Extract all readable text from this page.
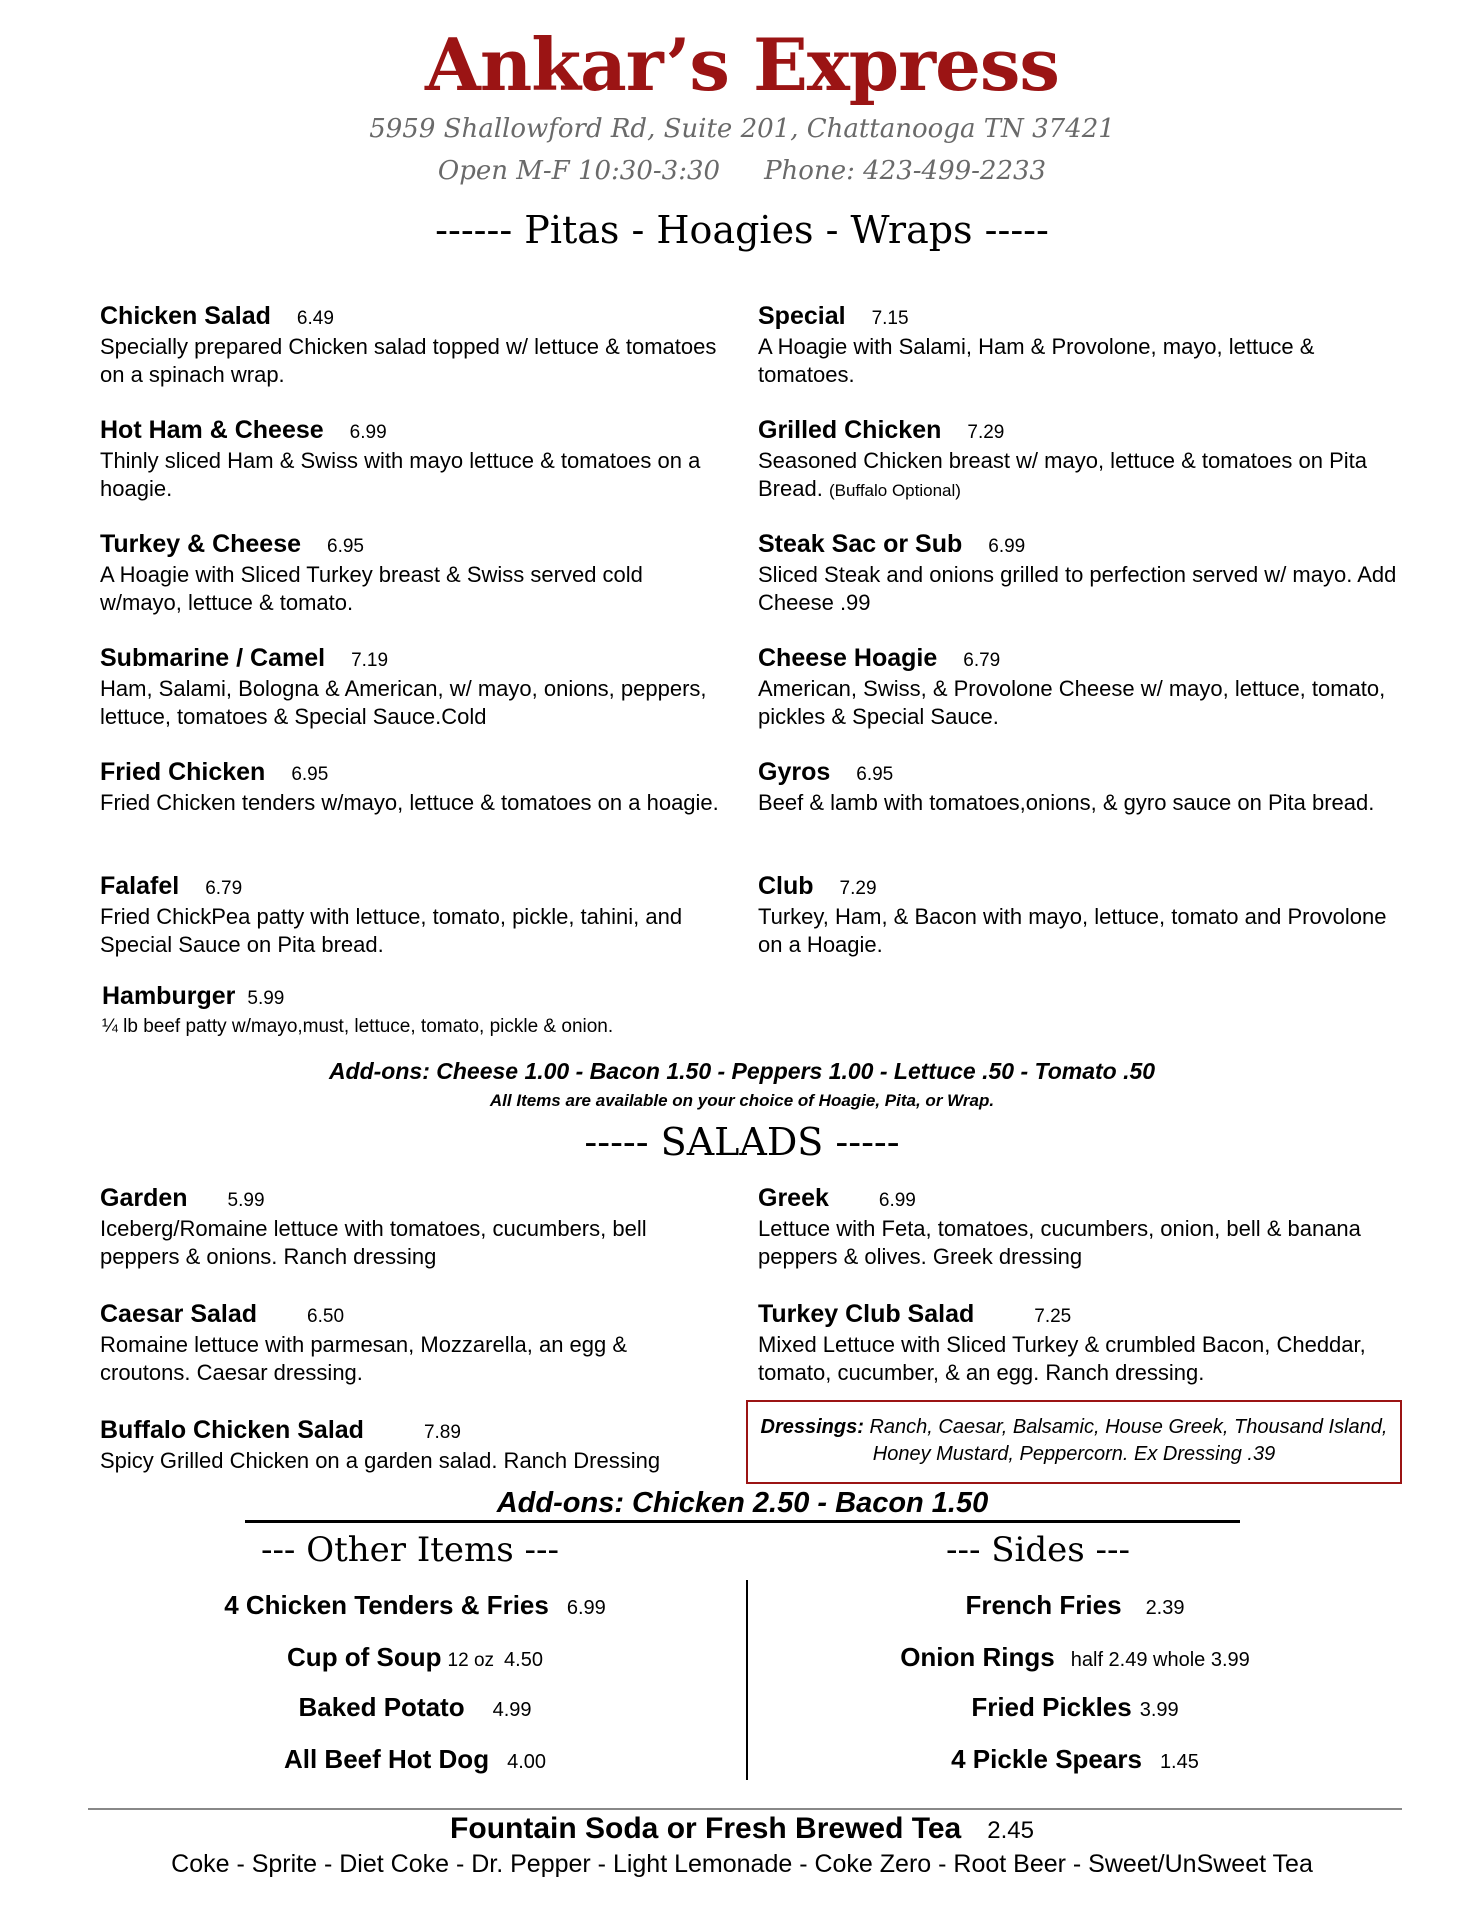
Ankar’s Express
5959 Shallowford Rd, Suite 201, Chattanooga TN 37421
Open M-F 10:30-3:30 Phone: 423-499-2233
------ Pitas - Hoagies - Wraps -----
Chicken Salad 6.49
Specially prepared Chicken salad topped w/ lettuce & tomatoes on a spinach wrap.
Hot Ham & Cheese 6.99
Thinly sliced Ham & Swiss with mayo lettuce & tomatoes on a hoagie.
Turkey & Cheese 6.95
A Hoagie with Sliced Turkey breast & Swiss served cold w/mayo, lettuce & tomato.
Submarine / Camel 7.19
Ham, Salami, Bologna & American, w/ mayo, onions, peppers, lettuce, tomatoes & Special Sauce.Cold
Fried Chicken 6.95
Fried Chicken tenders w/mayo, lettuce & tomatoes on a hoagie.
Falafel 6.79
Fried ChickPea patty with lettuce, tomato, pickle, tahini, and Special Sauce on Pita bread.
Hamburger 5.99
¼ lb beef patty w/mayo,must, lettuce, tomato, pickle & onion.
Special 7.15
A Hoagie with Salami, Ham & Provolone, mayo, lettuce & tomatoes.
Grilled Chicken 7.29
Seasoned Chicken breast w/ mayo, lettuce & tomatoes on Pita Bread. (Buffalo Optional)
Steak Sac or Sub 6.99
Sliced Steak and onions grilled to perfection served w/ mayo. Add Cheese .99
Cheese Hoagie 6.79
American, Swiss, & Provolone Cheese w/ mayo, lettuce, tomato, pickles & Special Sauce.
Gyros 6.95
Beef & lamb with tomatoes,onions, & gyro sauce on Pita bread.
Club 7.29
Turkey, Ham, & Bacon with mayo, lettuce, tomato and Provolone on a Hoagie.
Add-ons: Cheese 1.00 - Bacon 1.50 - Peppers 1.00 - Lettuce .50 - Tomato .50
All Items are available on your choice of Hoagie, Pita, or Wrap.
----- SALADS -----
Garden 5.99
Iceberg/Romaine lettuce with tomatoes, cucumbers, bell peppers & onions. Ranch dressing
Caesar Salad	6.50
Romaine lettuce with parmesan, Mozzarella, an egg & croutons. Caesar dressing.
Buffalo Chicken Salad	7.89
Spicy Grilled Chicken on a garden salad. Ranch Dressing
Greek	6.99
Lettuce with Feta, tomatoes, cucumbers, onion, bell & banana peppers & olives. Greek dressing
Turkey Club Salad	7.25
Mixed Lettuce with Sliced Turkey & crumbled Bacon, Cheddar, tomato, cucumber, & an egg. Ranch dressing.
Dressings: Ranch, Caesar, Balsamic, House Greek, Thousand Island, Honey Mustard, Peppercorn. Ex Dressing .39
Add-ons: Chicken 2.50 - Bacon 1.50
--- Other Items ---	--- Sides ---
4 Chicken Tenders & Fries 6.99
Cup of Soup 12 oz 4.50
Baked Potato 4.99
All Beef Hot Dog 4.00
French Fries 2.39
Onion Rings half 2.49 whole 3.99
Fried Pickles 3.99
4 Pickle Spears 1.45
Fountain Soda or Fresh Brewed Tea 2.45
Coke - Sprite - Diet Coke - Dr. Pepper - Light Lemonade - Coke Zero - Root Beer - Sweet/UnSweet Tea
